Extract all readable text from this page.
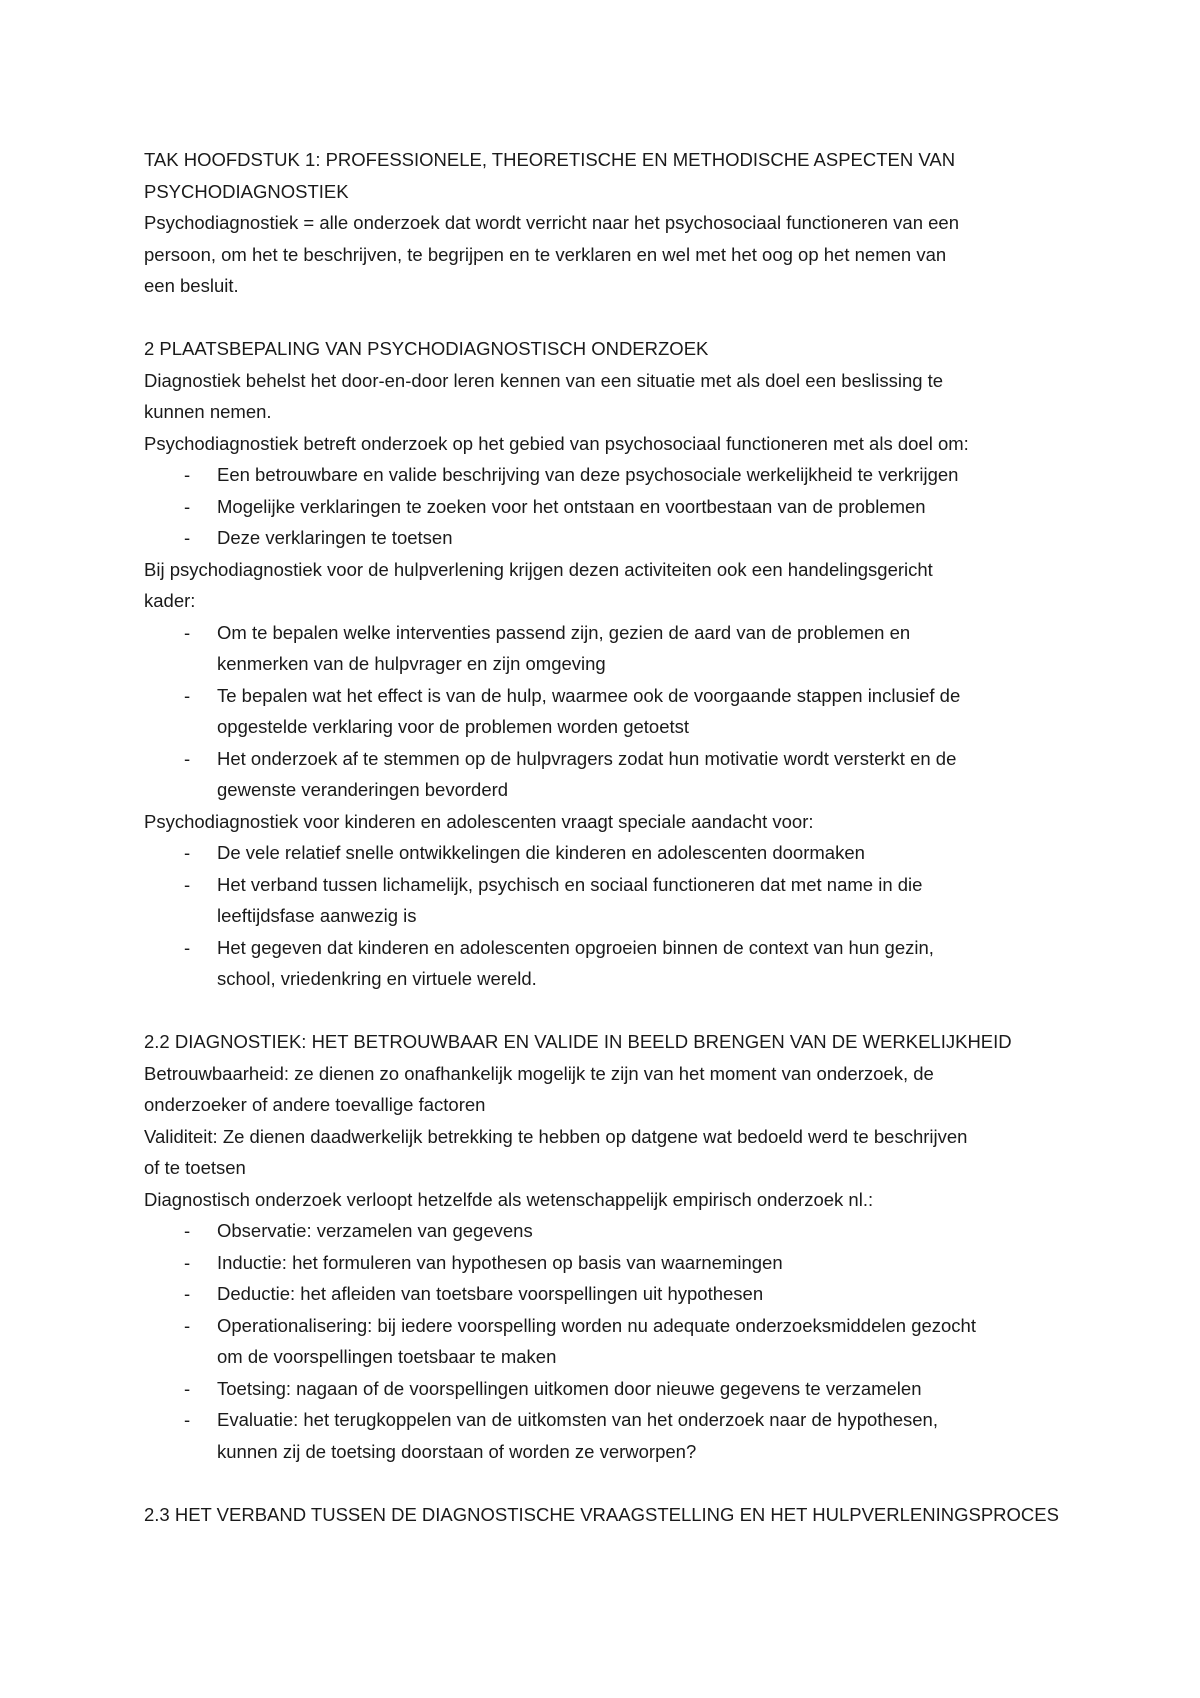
TAK HOOFDSTUK 1: PROFESSIONELE, THEORETISCHE EN METHODISCHE ASPECTEN VAN
PSYCHODIAGNOSTIEK
Psychodiagnostiek = alle onderzoek dat wordt verricht naar het psychosociaal functioneren van een
persoon, om het te beschrijven, te begrijpen en te verklaren en wel met het oog op het nemen van
een besluit.
2 PLAATSBEPALING VAN PSYCHODIAGNOSTISCH ONDERZOEK
Diagnostiek behelst het door-en-door leren kennen van een situatie met als doel een beslissing te
kunnen nemen.
Psychodiagnostiek betreft onderzoek op het gebied van psychosociaal functioneren met als doel om:
- Een betrouwbare en valide beschrijving van deze psychosociale werkelijkheid te verkrijgen
- Mogelijke verklaringen te zoeken voor het ontstaan en voortbestaan van de problemen
- Deze verklaringen te toetsen
Bij psychodiagnostiek voor de hulpverlening krijgen dezen activiteiten ook een handelingsgericht
kader:
- Om te bepalen welke interventies passend zijn, gezien de aard van de problemen en
kenmerken van de hulpvrager en zijn omgeving
- Te bepalen wat het effect is van de hulp, waarmee ook de voorgaande stappen inclusief de
opgestelde verklaring voor de problemen worden getoetst
- Het onderzoek af te stemmen op de hulpvragers zodat hun motivatie wordt versterkt en de
gewenste veranderingen bevorderd
Psychodiagnostiek voor kinderen en adolescenten vraagt speciale aandacht voor:
- De vele relatief snelle ontwikkelingen die kinderen en adolescenten doormaken
- Het verband tussen lichamelijk, psychisch en sociaal functioneren dat met name in die
leeftijdsfase aanwezig is
- Het gegeven dat kinderen en adolescenten opgroeien binnen de context van hun gezin,
school, vriedenkring en virtuele wereld.
2.2 DIAGNOSTIEK: HET BETROUWBAAR EN VALIDE IN BEELD BRENGEN VAN DE WERKELIJKHEID
Betrouwbaarheid: ze dienen zo onafhankelijk mogelijk te zijn van het moment van onderzoek, de
onderzoeker of andere toevallige factoren
Validiteit: Ze dienen daadwerkelijk betrekking te hebben op datgene wat bedoeld werd te beschrijven
of te toetsen
Diagnostisch onderzoek verloopt hetzelfde als wetenschappelijk empirisch onderzoek nl.:
- Observatie: verzamelen van gegevens
- Inductie: het formuleren van hypothesen op basis van waarnemingen
- Deductie: het afleiden van toetsbare voorspellingen uit hypothesen
- Operationalisering: bij iedere voorspelling worden nu adequate onderzoeksmiddelen gezocht
om de voorspellingen toetsbaar te maken
- Toetsing: nagaan of de voorspellingen uitkomen door nieuwe gegevens te verzamelen
- Evaluatie: het terugkoppelen van de uitkomsten van het onderzoek naar de hypothesen,
kunnen zij de toetsing doorstaan of worden ze verworpen?
2.3 HET VERBAND TUSSEN DE DIAGNOSTISCHE VRAAGSTELLING EN HET HULPVERLENINGSPROCES
